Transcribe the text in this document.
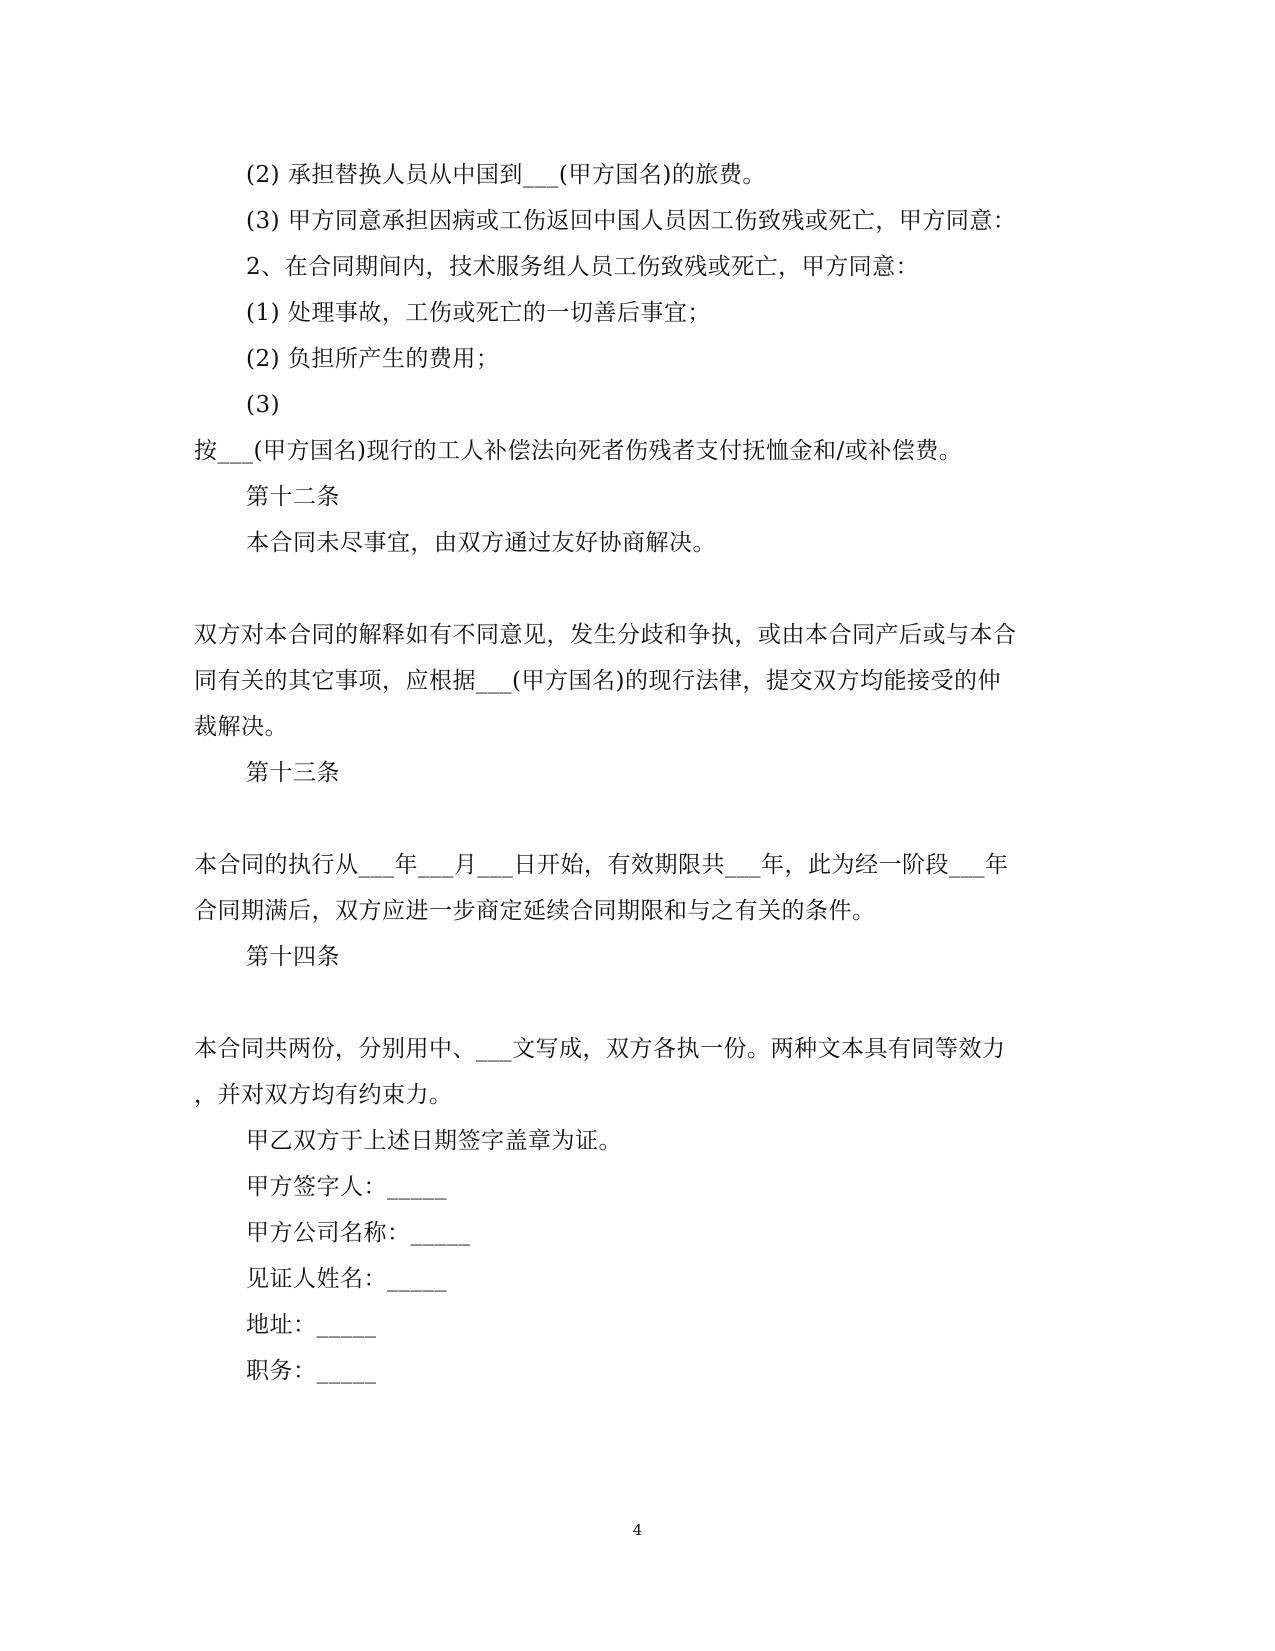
(2) 承担替换人员从中国到___(甲方国名)的旅费。
(3) 甲方同意承担因病或工伤返回中国人员因工伤致残或死亡，甲方同意：
2、在合同期间内，技术服务组人员工伤致残或死亡，甲方同意：
(1) 处理事故，工伤或死亡的一切善后事宜；
(2) 负担所产生的费用；
(3)
按___(甲方国名)现行的工人补偿法向死者伤残者支付抚恤金和/或补偿费。
第十二条
本合同未尽事宜，由双方通过友好协商解决。
双方对本合同的解释如有不同意见，发生分歧和争执，或由本合同产后或与本合
同有关的其它事项，应根据___(甲方国名)的现行法律，提交双方均能接受的仲
裁解决。
第十三条
本合同的执行从___年___月___日开始，有效期限共___年，此为经一阶段___年
合同期满后，双方应进一步商定延续合同期限和与之有关的条件。
第十四条
本合同共两份，分别用中、___文写成，双方各执一份。两种文本具有同等效力
，并对双方均有约束力。
甲乙双方于上述日期签字盖章为证。
甲方签字人：_____
甲方公司名称：_____
见证人姓名：_____
地址：_____
职务：_____
4
